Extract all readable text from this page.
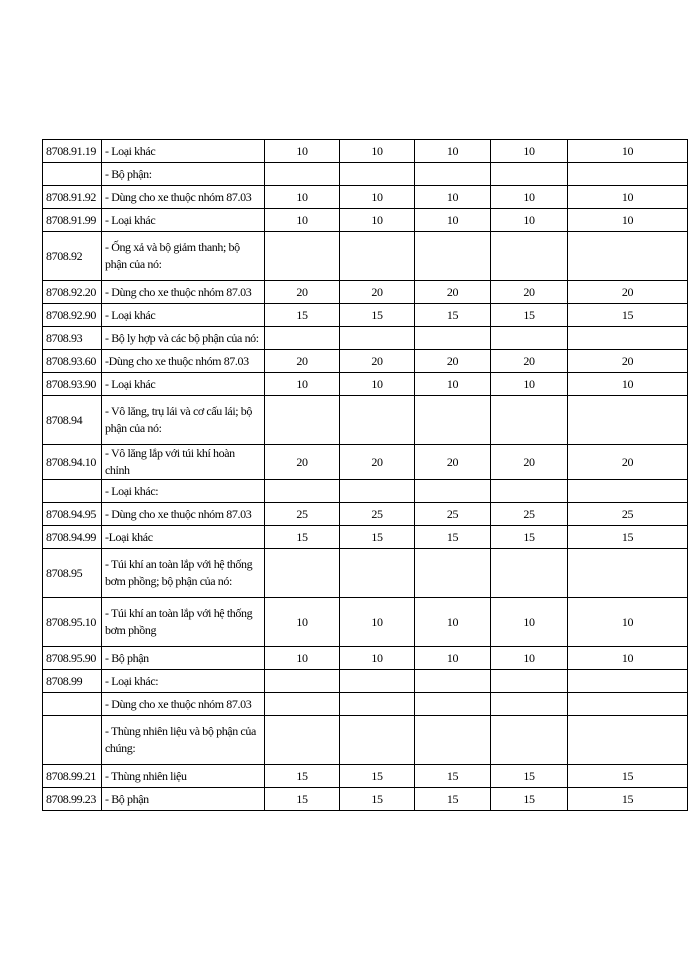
8708.91.19	- Loại khác	10	10	10	10	10
	- Bộ phận:					
8708.91.92	- Dùng cho xe thuộc nhóm 87.03	10	10	10	10	10
8708.91.99	- Loại khác	10	10	10	10	10
8708.92	- Ống xả và bộ giảm thanh; bộ phận của nó:					
8708.92.20	- Dùng cho xe thuộc nhóm 87.03	20	20	20	20	20
8708.92.90	- Loại khác	15	15	15	15	15
8708.93	- Bộ ly hợp và các bộ phận của nó:					
8708.93.60	-Dùng cho xe thuộc nhóm 87.03	20	20	20	20	20
8708.93.90	- Loại khác	10	10	10	10	10
8708.94	- Vô lăng, trụ lái và cơ cấu lái; bộ phận của nó:					
8708.94.10	- Vô lăng lắp với túi khí hoàn chỉnh	20	20	20	20	20
	- Loại khác:					
8708.94.95	- Dùng cho xe thuộc nhóm 87.03	25	25	25	25	25
8708.94.99	-Loại khác	15	15	15	15	15
8708.95	- Túi khí an toàn lắp với hệ thống bơm phồng; bộ phận của nó:					
8708.95.10	- Túi khí an toàn lắp với hệ thống bơm phồng	10	10	10	10	10
8708.95.90	- Bộ phận	10	10	10	10	10
8708.99	- Loại khác:					
	- Dùng cho xe thuộc nhóm 87.03					
	- Thùng nhiên liệu và bộ phận của chúng:					
8708.99.21	- Thùng nhiên liệu	15	15	15	15	15
8708.99.23	- Bộ phận	15	15	15	15	15
